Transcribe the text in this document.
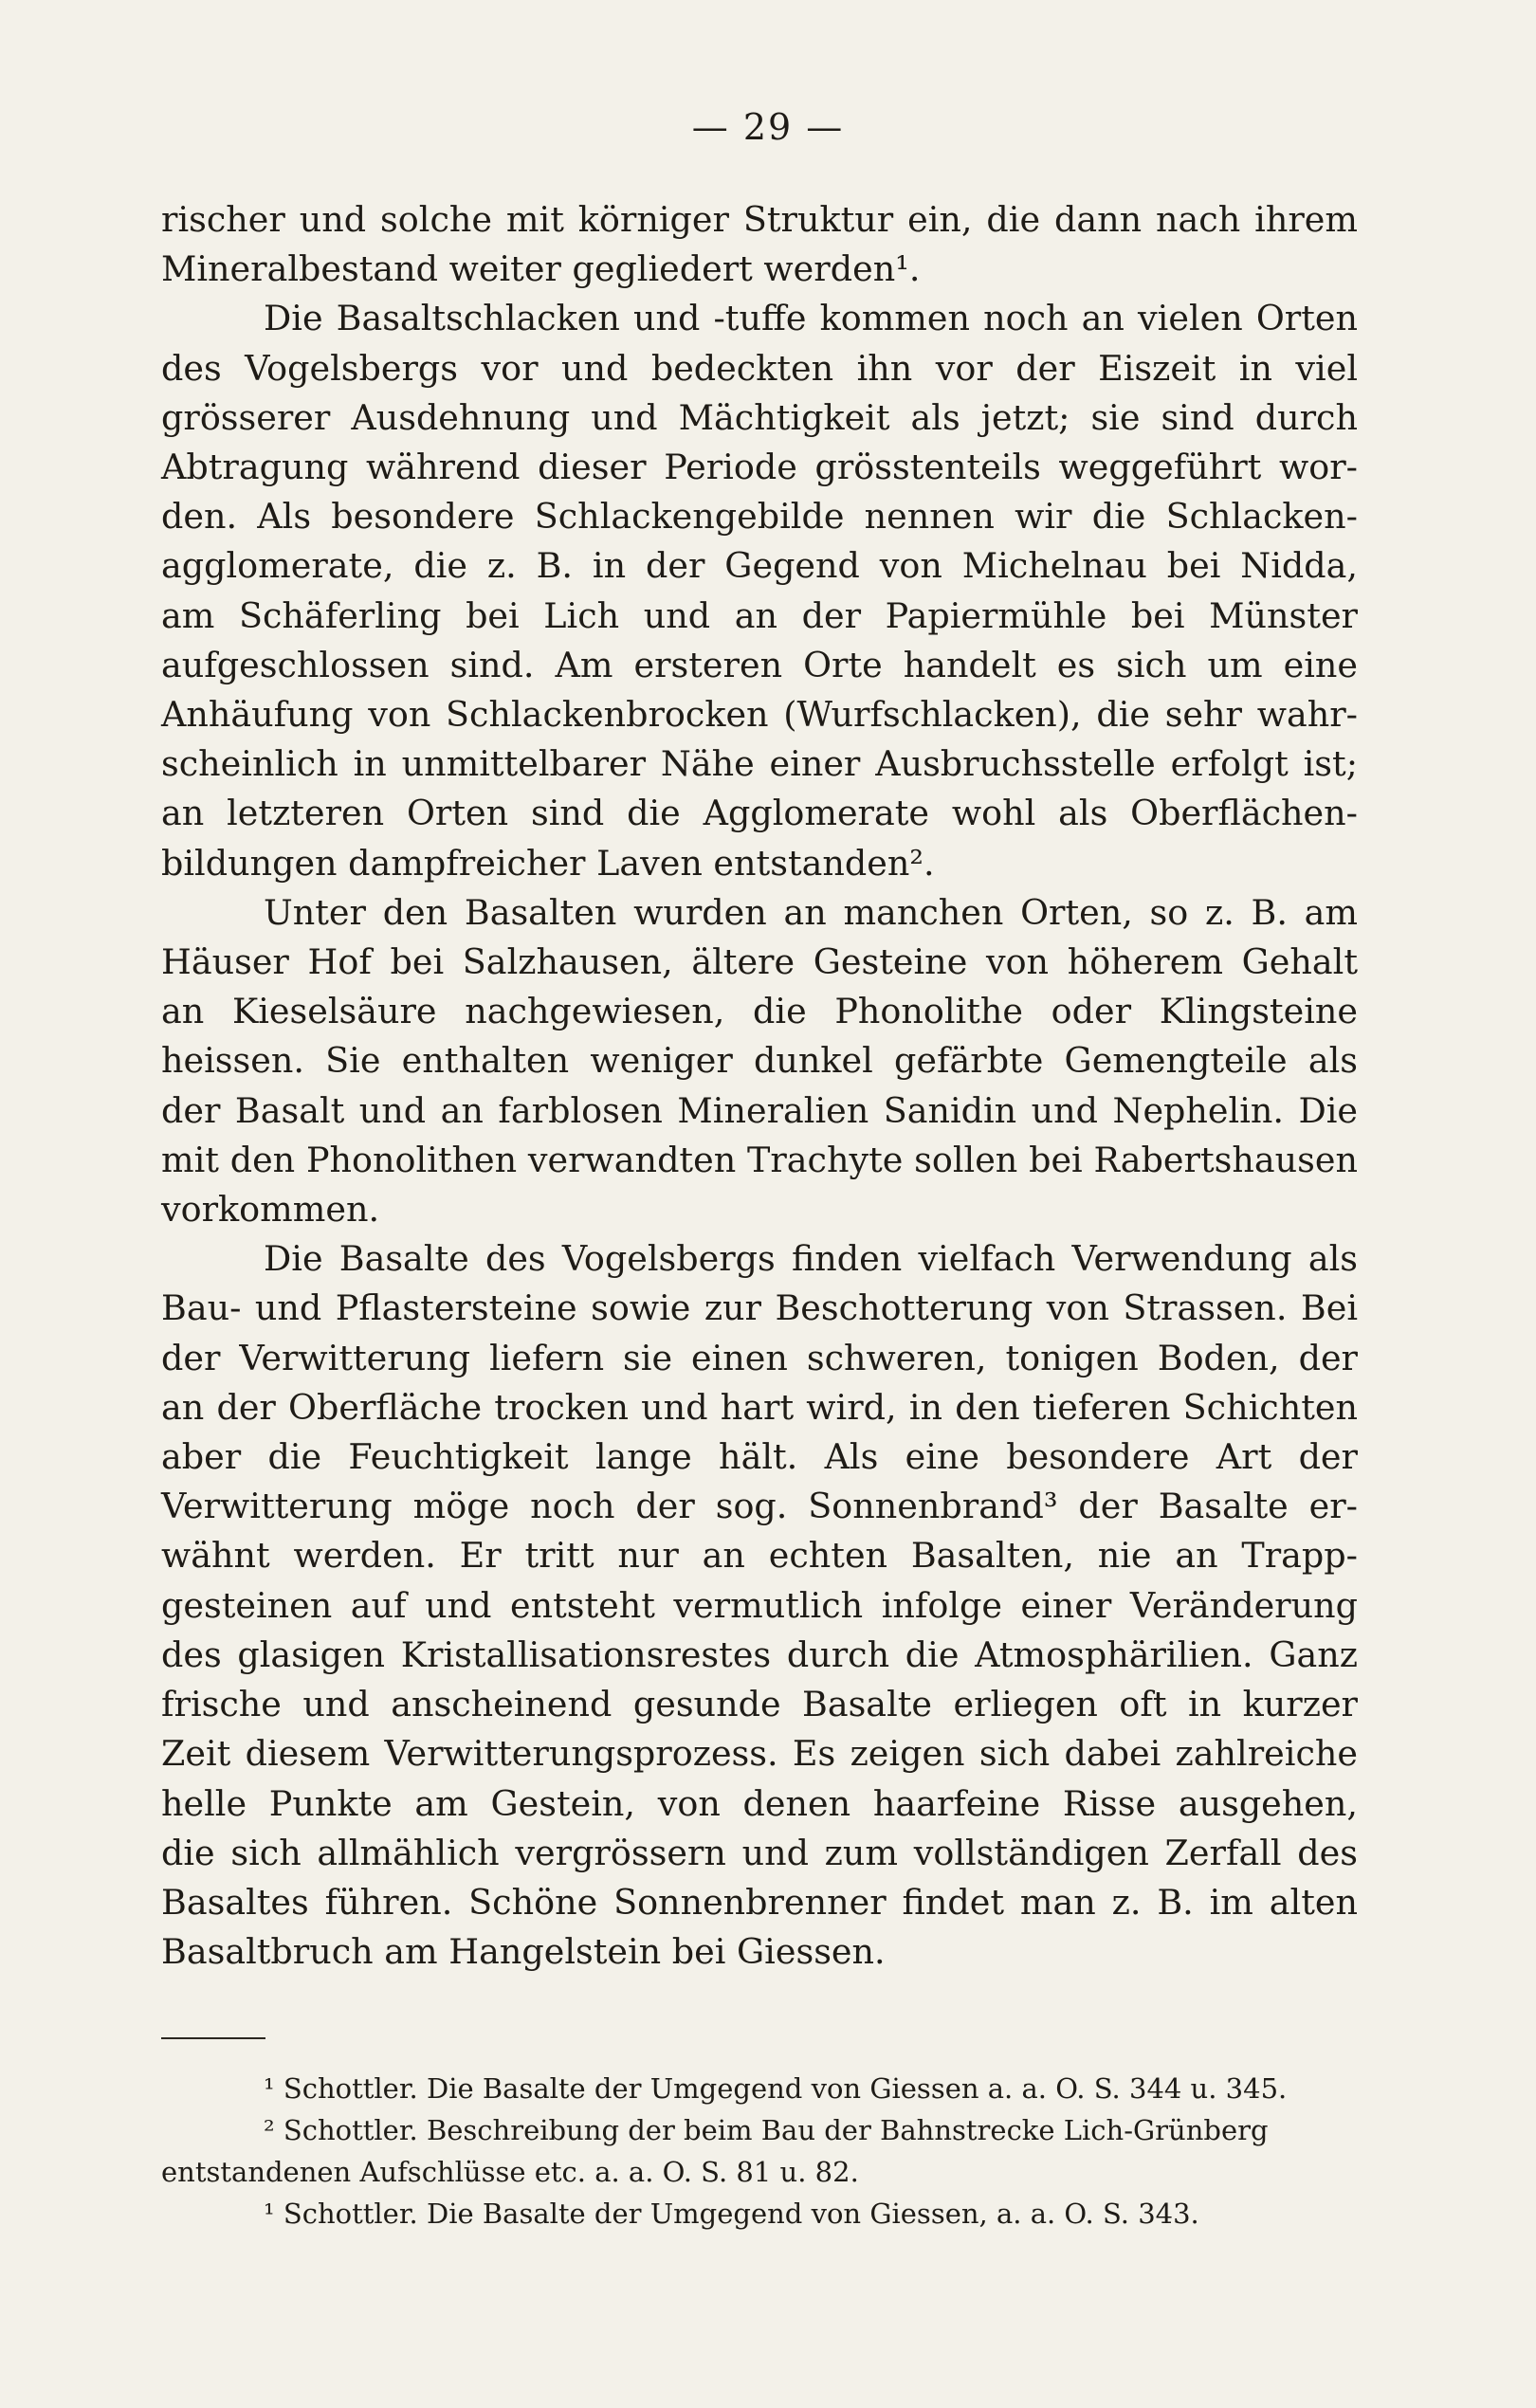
— 29 —
rischer und solche mit körniger Struktur ein, die dann nach ihrem
Mineralbestand weiter gegliedert werden¹.
Die Basaltschlacken und -tuffe kommen noch an vielen Orten
des Vogelsbergs vor und bedeckten ihn vor der Eiszeit in viel
grösserer Ausdehnung und Mächtigkeit als jetzt; sie sind durch
Abtragung während dieser Periode grösstenteils weggeführt wor-
den. Als besondere Schlackengebilde nennen wir die Schlacken-
agglomerate, die z. B. in der Gegend von Michelnau bei Nidda,
am Schäferling bei Lich und an der Papiermühle bei Münster
aufgeschlossen sind. Am ersteren Orte handelt es sich um eine
Anhäufung von Schlackenbrocken (Wurfschlacken), die sehr wahr-
scheinlich in unmittelbarer Nähe einer Ausbruchsstelle erfolgt ist;
an letzteren Orten sind die Agglomerate wohl als Oberflächen-
bildungen dampfreicher Laven entstanden².
Unter den Basalten wurden an manchen Orten, so z. B. am
Häuser Hof bei Salzhausen, ältere Gesteine von höherem Gehalt
an Kieselsäure nachgewiesen, die Phonolithe oder Klingsteine
heissen. Sie enthalten weniger dunkel gefärbte Gemengteile als
der Basalt und an farblosen Mineralien Sanidin und Nephelin. Die
mit den Phonolithen verwandten Trachyte sollen bei Rabertshausen
vorkommen.
Die Basalte des Vogelsbergs finden vielfach Verwendung als
Bau- und Pflastersteine sowie zur Beschotterung von Strassen. Bei
der Verwitterung liefern sie einen schweren, tonigen Boden, der
an der Oberfläche trocken und hart wird, in den tieferen Schichten
aber die Feuchtigkeit lange hält. Als eine besondere Art der
Verwitterung möge noch der sog. Sonnenbrand³ der Basalte er-
wähnt werden. Er tritt nur an echten Basalten, nie an Trapp-
gesteinen auf und entsteht vermutlich infolge einer Veränderung
des glasigen Kristallisationsrestes durch die Atmosphärilien. Ganz
frische und anscheinend gesunde Basalte erliegen oft in kurzer
Zeit diesem Verwitterungsprozess. Es zeigen sich dabei zahlreiche
helle Punkte am Gestein, von denen haarfeine Risse ausgehen,
die sich allmählich vergrössern und zum vollständigen Zerfall des
Basaltes führen. Schöne Sonnenbrenner findet man z. B. im alten
Basaltbruch am Hangelstein bei Giessen.
¹ Schottler. Die Basalte der Umgegend von Giessen a. a. O. S. 344 u. 345.
² Schottler. Beschreibung der beim Bau der Bahnstrecke Lich-Grünberg
entstandenen Aufschlüsse etc. a. a. O. S. 81 u. 82.
¹ Schottler. Die Basalte der Umgegend von Giessen, a. a. O. S. 343.
